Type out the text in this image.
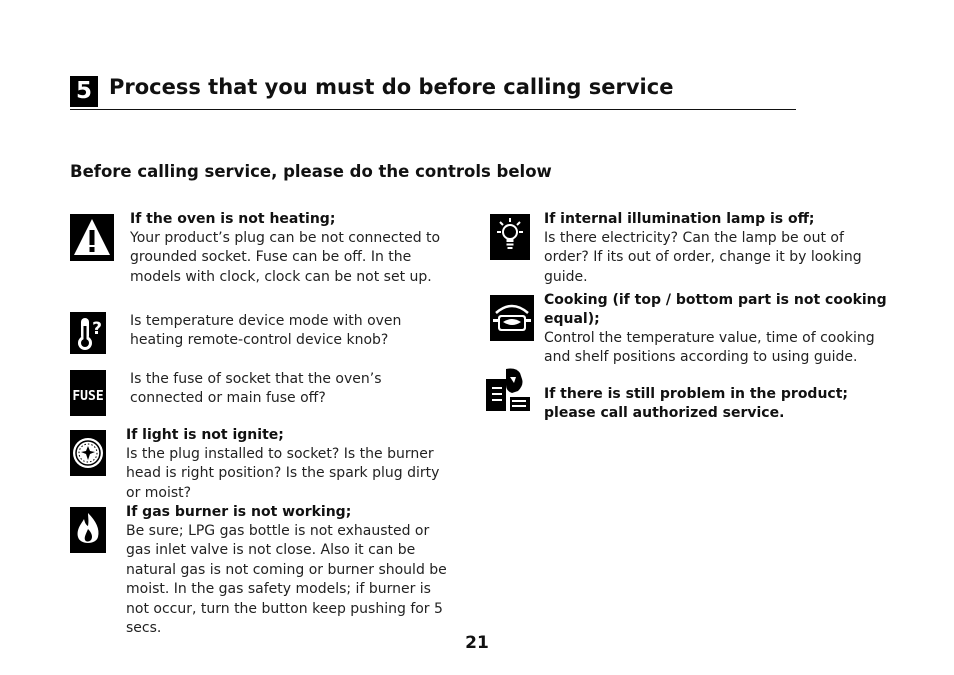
5 Process that you must do before calling service
Before calling service, please do the controls below

If the oven is not heating;

Your product’s plug can be not connected to grounded socket. Fuse can be off. In the models with clock, clock can be not set up.

? Is temperature device mode with oven heating remote-control device knob?

FUSE

Is the fuse of socket that the oven’s connected or main fuse off?

If light is not ignite;

Is the plug installed to socket? Is the burner head is right position? Is the spark plug dirty or moist?

If gas burner is not working;

Be sure; LPG gas bottle is not exhausted or gas inlet valve is not close. Also it can be natural gas is not coming or burner should be moist. In the gas safety models; if burner is not occur, turn the button keep pushing for 5 secs.

If internal illumination lamp is off;

Is there electricity? Can the lamp be out of order? If its out of order, change it by looking guide.

Cooking (if top / bottom part is not cooking equal);

Control the temperature value, time of cooking and shelf positions according to using guide.

If there is still problem in the product; please call authorized service.

21
